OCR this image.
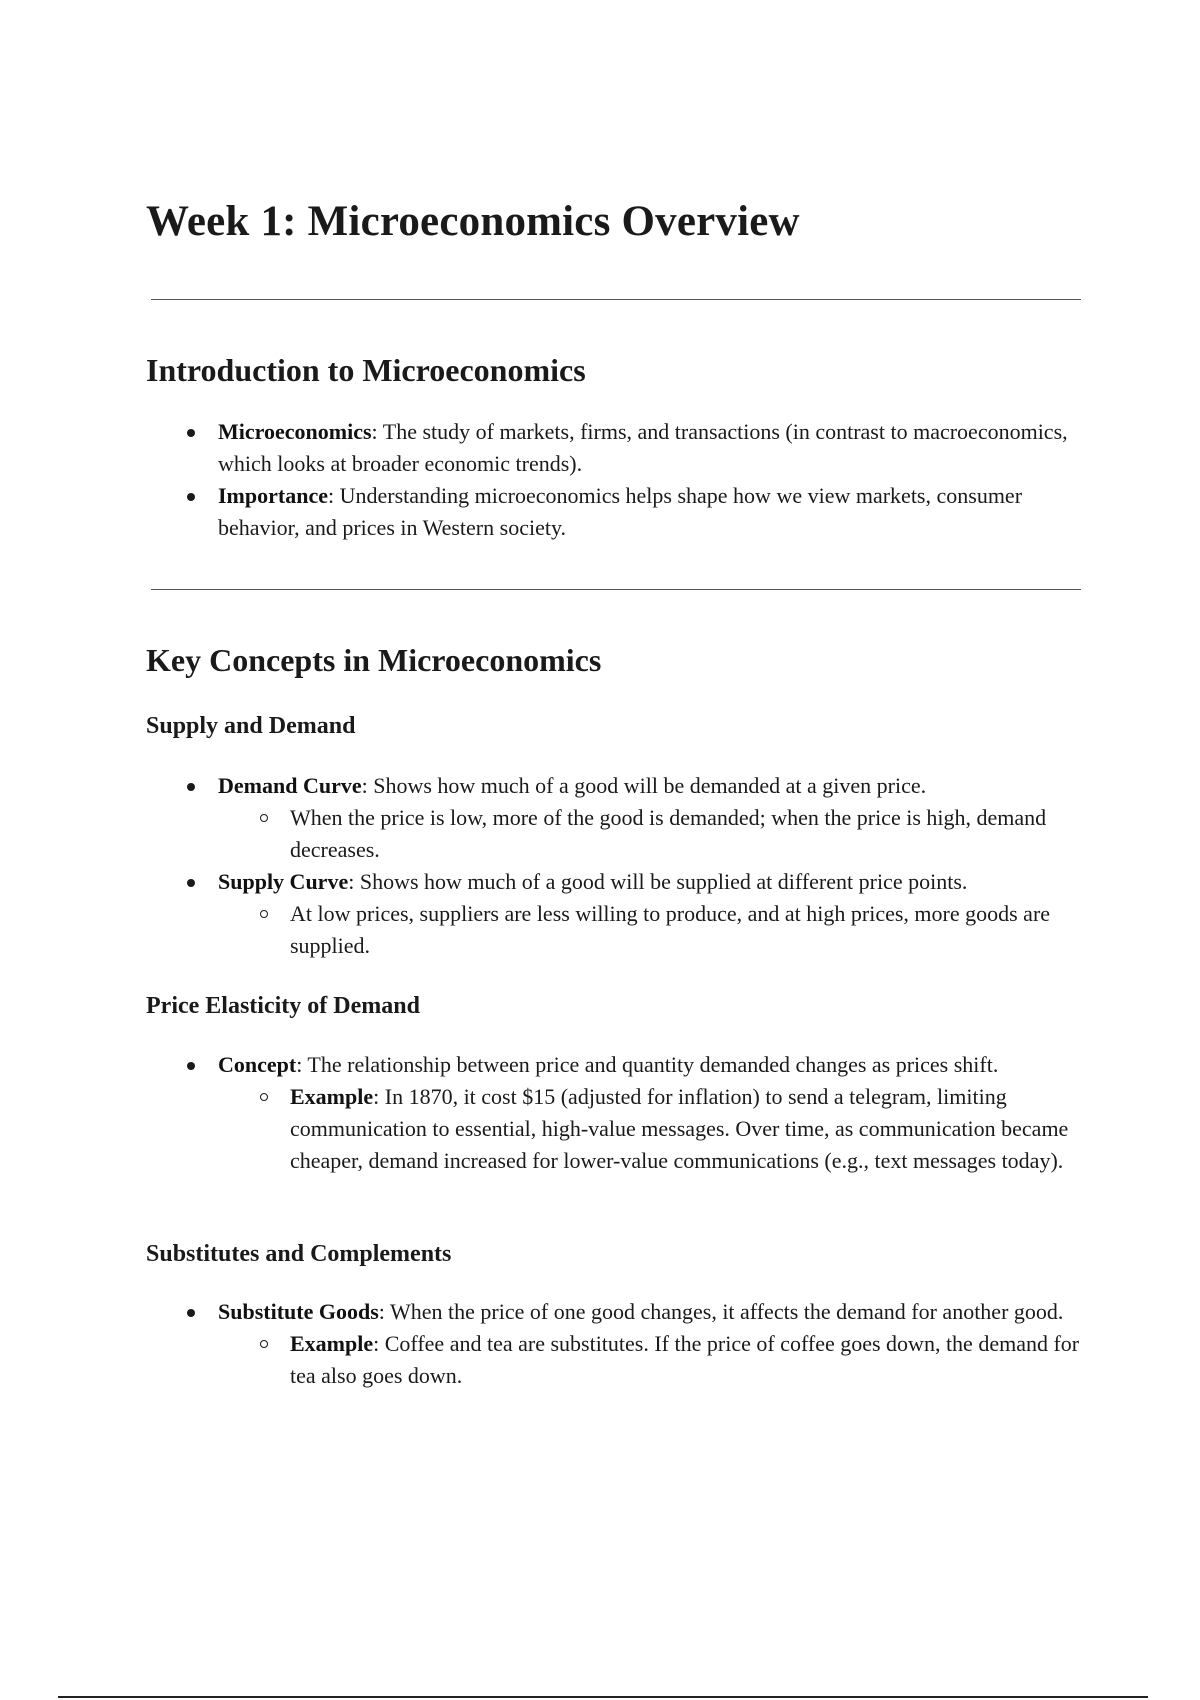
Week 1: Microeconomics Overview
Introduction to Microeconomics
Microeconomics: The study of markets, firms, and transactions (in contrast to macroeconomics, which looks at broader economic trends).
Importance: Understanding microeconomics helps shape how we view markets, consumer behavior, and prices in Western society.
Key Concepts in Microeconomics
Supply and Demand
Demand Curve: Shows how much of a good will be demanded at a given price.
When the price is low, more of the good is demanded; when the price is high, demand decreases.
Supply Curve: Shows how much of a good will be supplied at different price points.
At low prices, suppliers are less willing to produce, and at high prices, more goods are supplied.
Price Elasticity of Demand
Concept: The relationship between price and quantity demanded changes as prices shift.
Example: In 1870, it cost $15 (adjusted for inflation) to send a telegram, limiting communication to essential, high-value messages. Over time, as communication became cheaper, demand increased for lower-value communications (e.g., text messages today).
Substitutes and Complements
Substitute Goods: When the price of one good changes, it affects the demand for another good.
Example: Coffee and tea are substitutes. If the price of coffee goes down, the demand for tea also goes down.
